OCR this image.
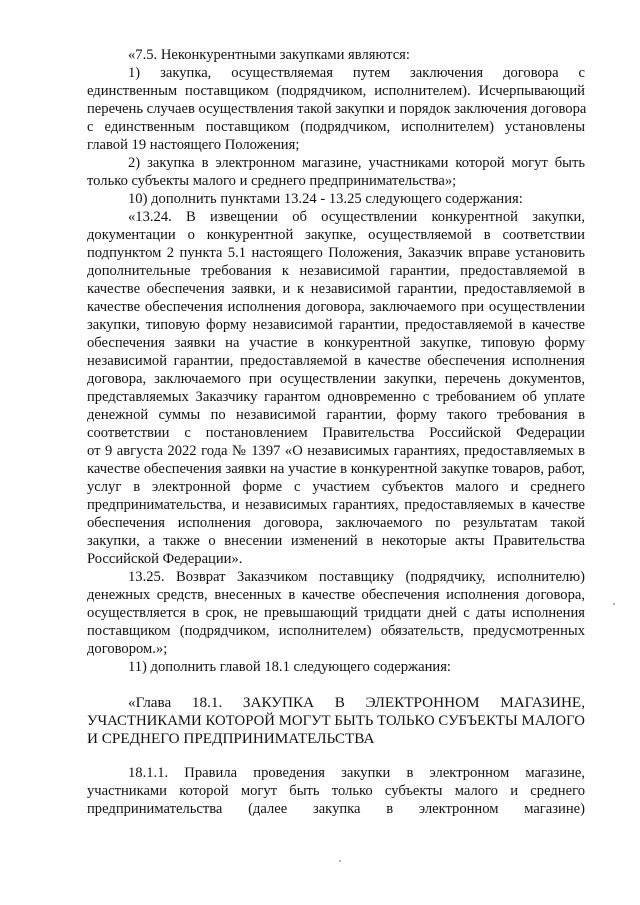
«7.5. Неконкурентными закупками являются:
1) закупка, осуществляемая путем заключения договора с
единственным поставщиком (подрядчиком, исполнителем). Исчерпывающий
перечень случаев осуществления такой закупки и порядок заключения договора
с единственным поставщиком (подрядчиком, исполнителем) установлены
главой 19 настоящего Положения;
2) закупка в электронном магазине, участниками которой могут быть
только субъекты малого и среднего предпринимательства»;
10) дополнить пунктами 13.24 - 13.25 следующего содержания:
«13.24. В извещении об осуществлении конкурентной закупки,
документации о конкурентной закупке, осуществляемой в соответствии
подпунктом 2 пункта 5.1 настоящего Положения, Заказчик вправе установить
дополнительные требования к независимой гарантии, предоставляемой в
качестве обеспечения заявки, и к независимой гарантии, предоставляемой в
качестве обеспечения исполнения договора, заключаемого при осуществлении
закупки, типовую форму независимой гарантии, предоставляемой в качестве
обеспечения заявки на участие в конкурентной закупке, типовую форму
независимой гарантии, предоставляемой в качестве обеспечения исполнения
договора, заключаемого при осуществлении закупки, перечень документов,
представляемых Заказчику гарантом одновременно с требованием об уплате
денежной суммы по независимой гарантии, форму такого требования в
соответствии с постановлением Правительства Российской Федерации
от 9 августа 2022 года № 1397 «О независимых гарантиях, предоставляемых в
качестве обеспечения заявки на участие в конкурентной закупке товаров, работ,
услуг в электронной форме с участием субъектов малого и среднего
предпринимательства, и независимых гарантиях, предоставляемых в качестве
обеспечения исполнения договора, заключаемого по результатам такой
закупки, а также о внесении изменений в некоторые акты Правительства
Российской Федерации».
13.25. Возврат Заказчиком поставщику (подрядчику, исполнителю)
денежных средств, внесенных в качестве обеспечения исполнения договора,
осуществляется в срок, не превышающий тридцати дней с даты исполнения
поставщиком (подрядчиком, исполнителем) обязательств, предусмотренных
договором.»;
11) дополнить главой 18.1 следующего содержания:
«Глава 18.1. ЗАКУПКА В ЭЛЕКТРОННОМ МАГАЗИНЕ,
УЧАСТНИКАМИ КОТОРОЙ МОГУТ БЫТЬ ТОЛЬКО СУБЪЕКТЫ МАЛОГО
И СРЕДНЕГО ПРЕДПРИНИМАТЕЛЬСТВА
18.1.1. Правила проведения закупки в электронном магазине,
участниками которой могут быть только субъекты малого и среднего
предпринимательства (далее закупка в электронном магазине)
